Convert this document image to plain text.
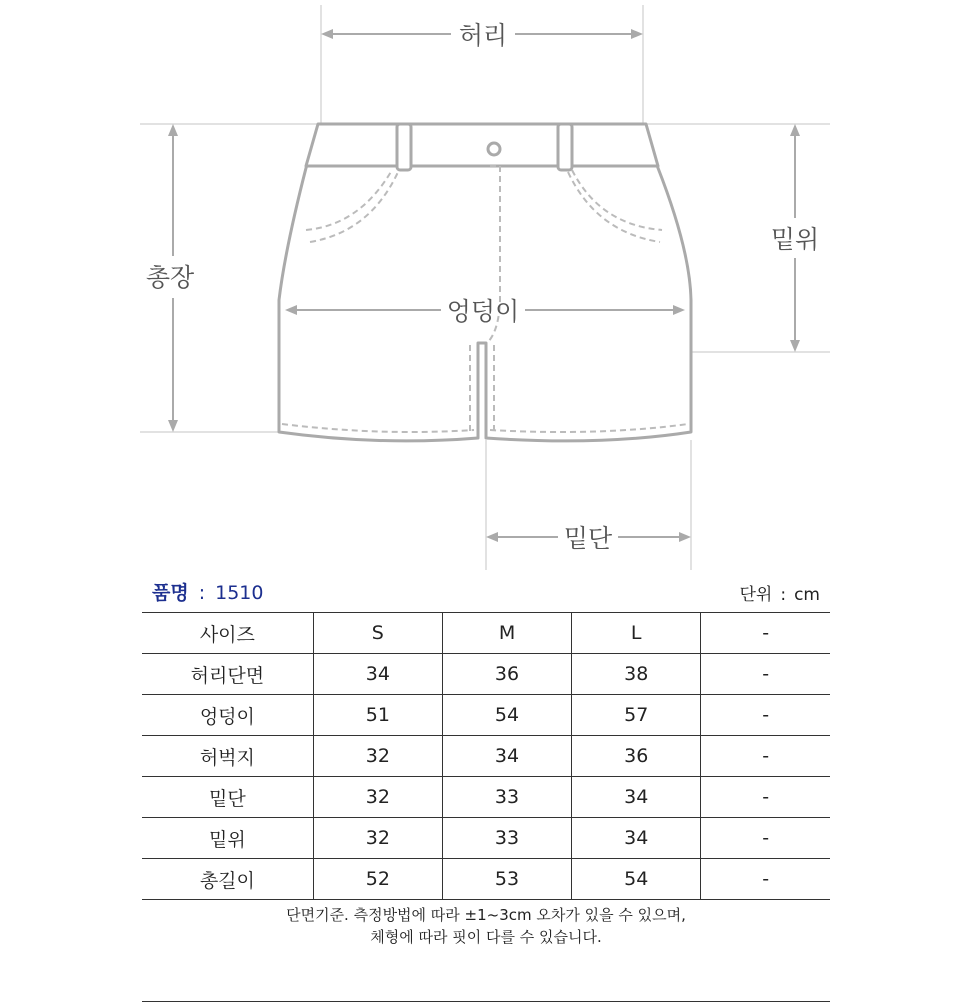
허리
총장
밑위
엉덩이
밑단
품명 : 1510	단위 : cm
사이즈	S	M	L	-
허리단면	34	36	38	-
엉덩이	51	54	57	-
허벅지	32	34	36	-
밑단	32	33	34	-
밑위	32	33	34	-
총길이	52	53	54	-
단면기준. 측정방법에 따라 ±1~3cm 오차가 있을 수 있으며,
체형에 따라 핏이 다를 수 있습니다.
